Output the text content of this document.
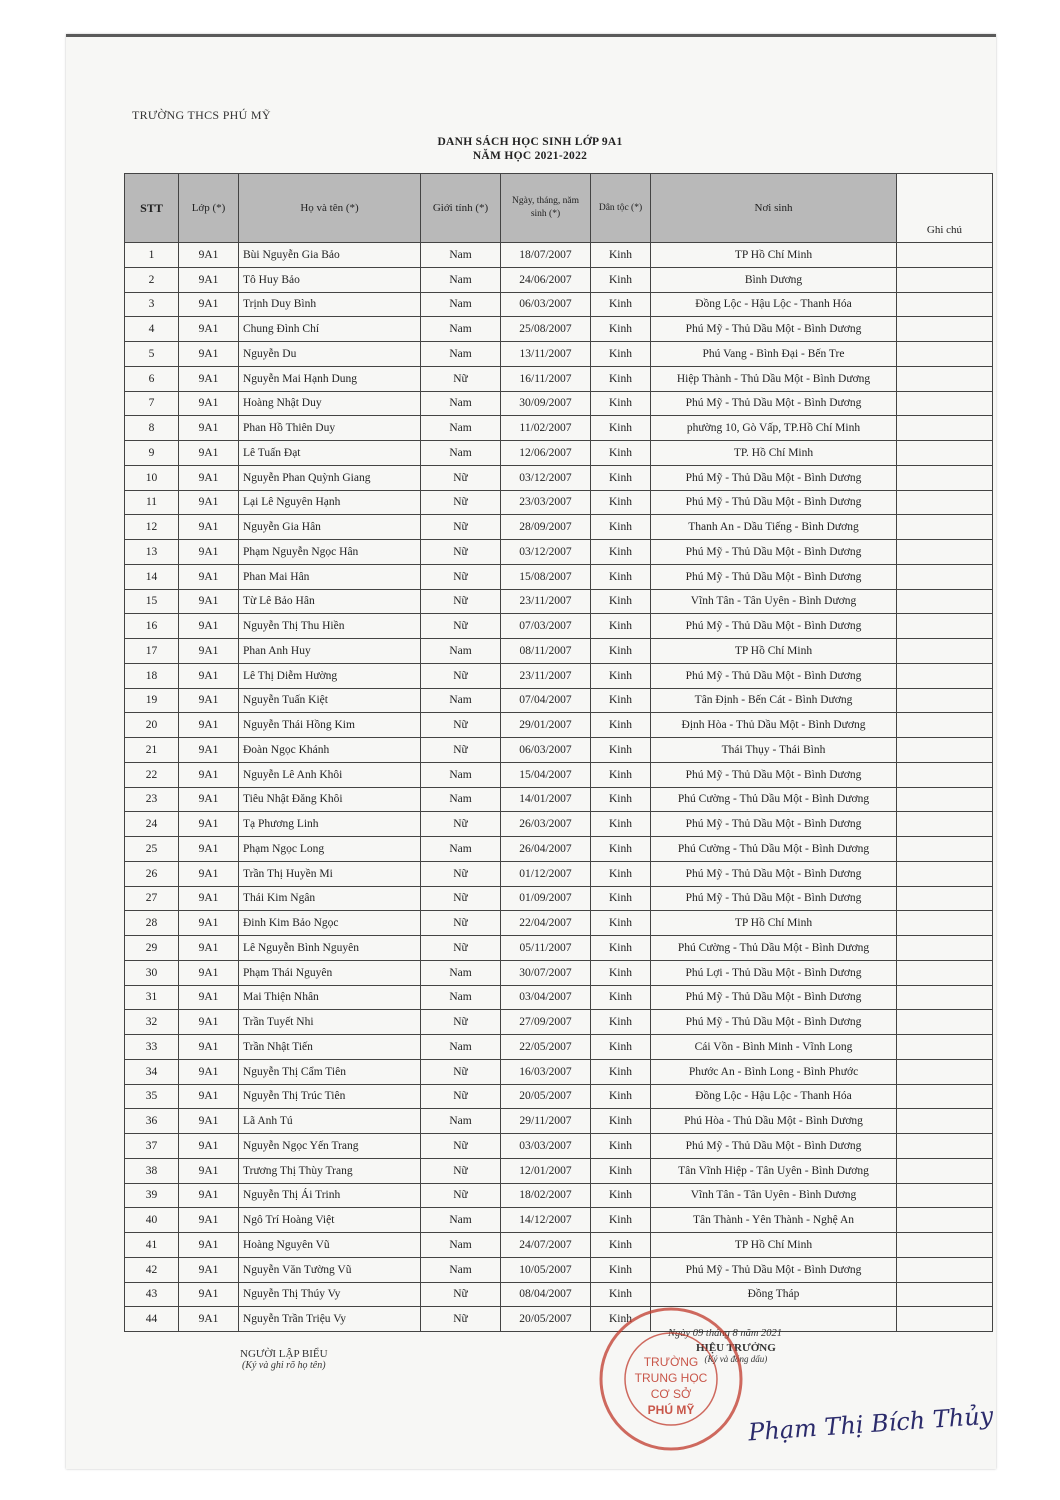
TRƯỜNG THCS PHÚ MỸ
DANH SÁCH HỌC SINH LỚP 9A1
NĂM HỌC 2021-2022
STT	Lớp (*)	Họ và tên (*)	Giới tính (*)	Ngày, tháng, năm sinh (*)	Dân tộc (*)	Nơi sinh	Ghi chú
1	9A1	Bùi Nguyễn Gia Bảo	Nam	18/07/2007	Kinh	TP Hồ Chí Minh	
2	9A1	Tô Huy Bảo	Nam	24/06/2007	Kinh	Bình Dương	
3	9A1	Trịnh Duy Bình	Nam	06/03/2007	Kinh	Đồng Lộc - Hậu Lộc - Thanh Hóa	
4	9A1	Chung Đình Chí	Nam	25/08/2007	Kinh	Phú Mỹ - Thủ Dầu Một - Bình Dương	
5	9A1	Nguyễn Du	Nam	13/11/2007	Kinh	Phú Vang - Bình Đại - Bến Tre	
6	9A1	Nguyễn Mai Hạnh Dung	Nữ	16/11/2007	Kinh	Hiệp Thành - Thủ Dầu Một - Bình Dương	
7	9A1	Hoàng Nhật Duy	Nam	30/09/2007	Kinh	Phú Mỹ - Thủ Dầu Một - Bình Dương	
8	9A1	Phan Hồ Thiên Duy	Nam	11/02/2007	Kinh	phường 10, Gò Vấp, TP.Hồ Chí Minh	
9	9A1	Lê Tuấn Đạt	Nam	12/06/2007	Kinh	TP. Hồ Chí Minh	
10	9A1	Nguyễn Phan Quỳnh Giang	Nữ	03/12/2007	Kinh	Phú Mỹ - Thủ Dầu Một - Bình Dương	
11	9A1	Lại Lê Nguyên Hạnh	Nữ	23/03/2007	Kinh	Phú Mỹ - Thủ Dầu Một - Bình Dương	
12	9A1	Nguyễn Gia Hân	Nữ	28/09/2007	Kinh	Thanh An - Dầu Tiếng - Bình Dương	
13	9A1	Phạm Nguyễn Ngọc Hân	Nữ	03/12/2007	Kinh	Phú Mỹ - Thủ Dầu Một - Bình Dương	
14	9A1	Phan Mai Hân	Nữ	15/08/2007	Kinh	Phú Mỹ - Thủ Dầu Một - Bình Dương	
15	9A1	Từ Lê Bảo Hân	Nữ	23/11/2007	Kinh	Vĩnh Tân - Tân Uyên - Bình Dương	
16	9A1	Nguyễn Thị Thu Hiền	Nữ	07/03/2007	Kinh	Phú Mỹ - Thủ Dầu Một - Bình Dương	
17	9A1	Phan Anh Huy	Nam	08/11/2007	Kinh	TP Hồ Chí Minh	
18	9A1	Lê Thị Diễm Hường	Nữ	23/11/2007	Kinh	Phú Mỹ - Thủ Dầu Một - Bình Dương	
19	9A1	Nguyễn Tuấn Kiệt	Nam	07/04/2007	Kinh	Tân Định - Bến Cát - Bình Dương	
20	9A1	Nguyễn Thái Hồng Kim	Nữ	29/01/2007	Kinh	Định Hòa - Thủ Dầu Một - Bình Dương	
21	9A1	Đoàn Ngọc Khánh	Nữ	06/03/2007	Kinh	Thái Thụy - Thái Bình	
22	9A1	Nguyễn Lê Anh Khôi	Nam	15/04/2007	Kinh	Phú Mỹ - Thủ Dầu Một - Bình Dương	
23	9A1	Tiêu Nhật Đăng Khôi	Nam	14/01/2007	Kinh	Phú Cường - Thủ Dầu Một - Bình Dương	
24	9A1	Tạ Phương Linh	Nữ	26/03/2007	Kinh	Phú Mỹ - Thủ Dầu Một - Bình Dương	
25	9A1	Phạm Ngọc Long	Nam	26/04/2007	Kinh	Phú Cường - Thủ Dầu Một - Bình Dương	
26	9A1	Trần Thị Huyền Mi	Nữ	01/12/2007	Kinh	Phú Mỹ - Thủ Dầu Một - Bình Dương	
27	9A1	Thái Kim Ngân	Nữ	01/09/2007	Kinh	Phú Mỹ - Thủ Dầu Một - Bình Dương	
28	9A1	Đinh Kim Bảo Ngọc	Nữ	22/04/2007	Kinh	TP Hồ Chí Minh	
29	9A1	Lê Nguyễn Bình Nguyên	Nữ	05/11/2007	Kinh	Phú Cường - Thủ Dầu Một - Bình Dương	
30	9A1	Phạm Thái Nguyên	Nam	30/07/2007	Kinh	Phú Lợi - Thủ Dầu Một - Bình Dương	
31	9A1	Mai Thiện Nhân	Nam	03/04/2007	Kinh	Phú Mỹ - Thủ Dầu Một - Bình Dương	
32	9A1	Trần Tuyết Nhi	Nữ	27/09/2007	Kinh	Phú Mỹ - Thủ Dầu Một - Bình Dương	
33	9A1	Trần Nhật Tiến	Nam	22/05/2007	Kinh	Cái Vồn - Bình Minh - Vĩnh Long	
34	9A1	Nguyễn Thị Cẩm Tiên	Nữ	16/03/2007	Kinh	Phước An - Bình Long - Bình Phước	
35	9A1	Nguyễn Thị Trúc Tiên	Nữ	20/05/2007	Kinh	Đồng Lộc - Hậu Lộc - Thanh Hóa	
36	9A1	Lã Anh Tú	Nam	29/11/2007	Kinh	Phú Hòa - Thủ Dầu Một - Bình Dương	
37	9A1	Nguyễn Ngọc Yến Trang	Nữ	03/03/2007	Kinh	Phú Mỹ - Thủ Dầu Một - Bình Dương	
38	9A1	Trương Thị Thùy Trang	Nữ	12/01/2007	Kinh	Tân Vĩnh Hiệp - Tân Uyên - Bình Dương	
39	9A1	Nguyễn Thị Ái Trinh	Nữ	18/02/2007	Kinh	Vĩnh Tân - Tân Uyên - Bình Dương	
40	9A1	Ngô Trí Hoàng Việt	Nam	14/12/2007	Kinh	Tân Thành - Yên Thành - Nghệ An	
41	9A1	Hoàng Nguyên Vũ	Nam	24/07/2007	Kinh	TP Hồ Chí Minh	
42	9A1	Nguyễn Văn Tường Vũ	Nam	10/05/2007	Kinh	Phú Mỹ - Thủ Dầu Một - Bình Dương	
43	9A1	Nguyễn Thị Thúy Vy	Nữ	08/04/2007	Kinh	Đồng Tháp	
44	9A1	Nguyễn Trần Triệu Vy	Nữ	20/05/2007	Kinh		
Ngày 09 tháng 8 năm 2021
NGƯỜI LẬP BIỂU
(Ký và ghi rõ họ tên)
HIỆU TRƯỞNG
(Ký và đóng dấu)
TRƯỜNG
TRUNG HỌC
CƠ SỞ
PHÚ MỸ Phạm Thị Bích Thủy
